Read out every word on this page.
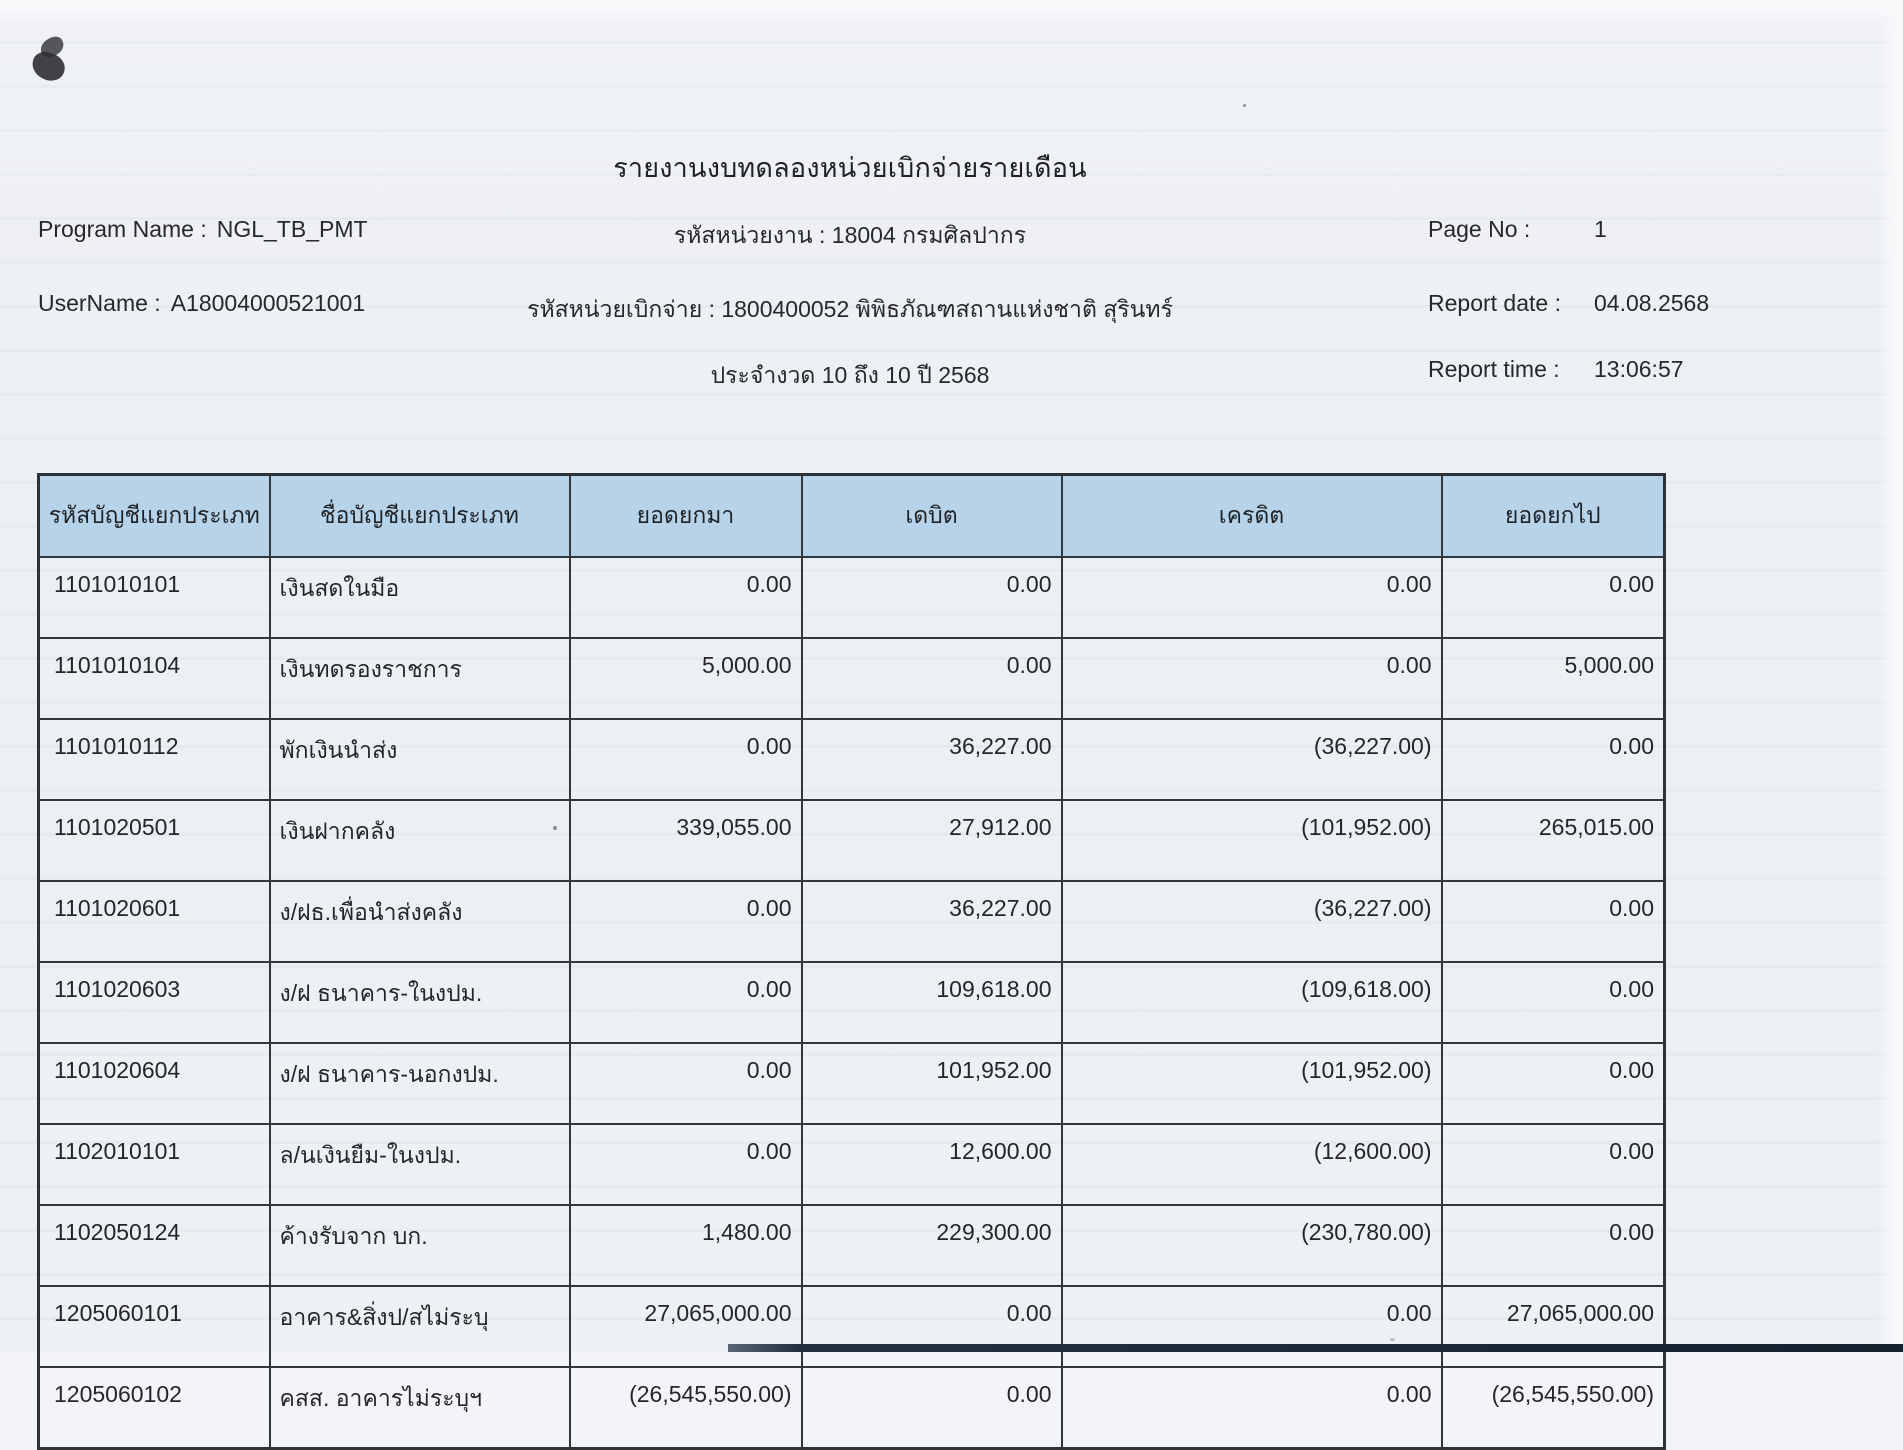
รายงานงบทดลองหน่วยเบิกจ่ายรายเดือน
Program Name : NGL_TB_PMT	รหัสหน่วยงาน : 18004 กรมศิลปากร	Page No :	1
UserName : A18004000521001	รหัสหน่วยเบิกจ่าย : 1800400052 พิพิธภัณฑสถานแห่งชาติ สุรินทร์	Report date : 04.08.2568
ประจำงวด 10 ถึง 10 ปี 2568	Report time : 13:06:57
รหัสบัญชีแยกประเภท	ชื่อบัญชีแยกประเภท	ยอดยกมา	เดบิต	เครดิต	ยอดยกไป
1101010101	เงินสดในมือ	0.00	0.00	0.00	0.00
1101010104	เงินทดรองราชการ	5,000.00	0.00	0.00	5,000.00
1101010112	พักเงินนำส่ง	0.00	36,227.00	(36,227.00)	0.00
1101020501	เงินฝากคลัง	339,055.00	27,912.00	(101,952.00)	265,015.00
1101020601	ง/ฝธ.เพื่อนำส่งคลัง	0.00	36,227.00	(36,227.00)	0.00
1101020603	ง/ฝ ธนาคาร-ในงปม.	0.00	109,618.00	(109,618.00)	0.00
1101020604	ง/ฝ ธนาคาร-นอกงปม.	0.00	101,952.00	(101,952.00)	0.00
1102010101	ล/นเงินยืม-ในงปม.	0.00	12,600.00	(12,600.00)	0.00
1102050124	ค้างรับจาก บก.	1,480.00	229,300.00	(230,780.00)	0.00
1205060101	อาคาร&สิ่งป/สไม่ระบุ	27,065,000.00	0.00	0.00	27,065,000.00
1205060102	คสส. อาคารไม่ระบุฯ	(26,545,550.00)	0.00	0.00	(26,545,550.00)
